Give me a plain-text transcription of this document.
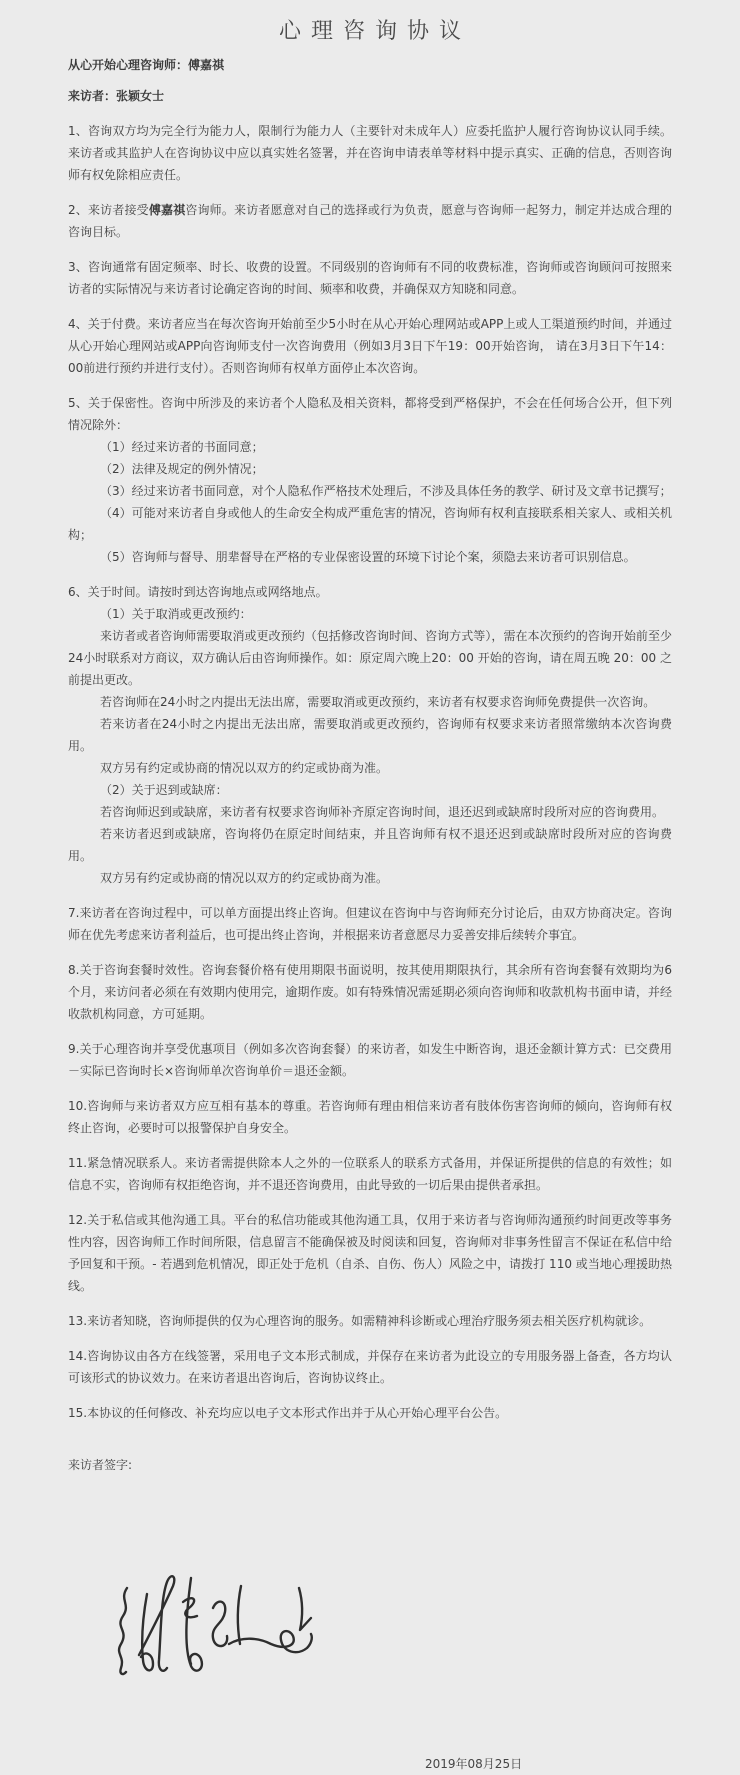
心理咨询协议

从心开始心理咨询师：傅嘉祺

来访者：张颖女士

1、咨询双方均为完全行为能力人，限制行为能力人（主要针对未成年人）应委托监护人履行咨询协议认同手续。来访者或其监护人在咨询协议中应以真实姓名签署，并在咨询申请表单等材料中提示真实、正确的信息，否则咨询师有权免除相应责任。

2、来访者接受傅嘉祺咨询师。来访者愿意对自己的选择或行为负责，愿意与咨询师一起努力，制定并达成合理的咨询目标。

3、咨询通常有固定频率、时长、收费的设置。不同级别的咨询师有不同的收费标准，咨询师或咨询顾问可按照来访者的实际情况与来访者讨论确定咨询的时间、频率和收费，并确保双方知晓和同意。

4、关于付费。来访者应当在每次咨询开始前至少5小时在从心开始心理网站或APP上或人工渠道预约时间，并通过从心开始心理网站或APP向咨询师支付一次咨询费用（例如3月3日下午19：00开始咨询， 请在3月3日下午14：00前进行预约并进行支付）。否则咨询师有权单方面停止本次咨询。

5、关于保密性。咨询中所涉及的来访者个人隐私及相关资料，都将受到严格保护，不会在任何场合公开，但下列情况除外：

（1）经过来访者的书面同意；

（2）法律及规定的例外情况；

（3）经过来访者书面同意，对个人隐私作严格技术处理后，不涉及具体任务的教学、研讨及文章书记撰写；

（4）可能对来访者自身或他人的生命安全构成严重危害的情况，咨询师有权利直接联系相关家人、或相关机构；

（5）咨询师与督导、朋辈督导在严格的专业保密设置的环境下讨论个案，须隐去来访者可识别信息。

6、关于时间。请按时到达咨询地点或网络地点。

（1）关于取消或更改预约：

来访者或者咨询师需要取消或更改预约（包括修改咨询时间、咨询方式等），需在本次预约的咨询开始前至少24小时联系对方商议，双方确认后由咨询师操作。如：原定周六晚上20：00 开始的咨询，请在周五晚 20：00 之前提出更改。

若咨询师在24小时之内提出无法出席，需要取消或更改预约，来访者有权要求咨询师免费提供一次咨询。

若来访者在24小时之内提出无法出席，需要取消或更改预约，咨询师有权要求来访者照常缴纳本次咨询费用。

双方另有约定或协商的情况以双方的约定或协商为准。

（2）关于迟到或缺席：

若咨询师迟到或缺席，来访者有权要求咨询师补齐原定咨询时间，退还迟到或缺席时段所对应的咨询费用。

若来访者迟到或缺席，咨询将仍在原定时间结束，并且咨询师有权不退还迟到或缺席时段所对应的咨询费用。

双方另有约定或协商的情况以双方的约定或协商为准。

7.来访者在咨询过程中，可以单方面提出终止咨询。但建议在咨询中与咨询师充分讨论后，由双方协商决定。咨询师在优先考虑来访者利益后，也可提出终止咨询，并根据来访者意愿尽力妥善安排后续转介事宜。

8.关于咨询套餐时效性。咨询套餐价格有使用期限书面说明，按其使用期限执行，其余所有咨询套餐有效期均为6个月，来访问者必须在有效期内使用完，逾期作废。如有特殊情况需延期必须向咨询师和收款机构书面申请，并经收款机构同意，方可延期。

9.关于心理咨询并享受优惠项目（例如多次咨询套餐）的来访者，如发生中断咨询，退还金额计算方式：已交费用－实际已咨询时长×咨询师单次咨询单价＝退还金额。

10.咨询师与来访者双方应互相有基本的尊重。若咨询师有理由相信来访者有肢体伤害咨询师的倾向，咨询师有权终止咨询，必要时可以报警保护自身安全。

11.紧急情况联系人。来访者需提供除本人之外的一位联系人的联系方式备用，并保证所提供的信息的有效性；如信息不实，咨询师有权拒绝咨询，并不退还咨询费用，由此导致的一切后果由提供者承担。

12.关于私信或其他沟通工具。平台的私信功能或其他沟通工具，仅用于来访者与咨询师沟通预约时间更改等事务性内容，因咨询师工作时间所限，信息留言不能确保被及时阅读和回复，咨询师对非事务性留言不保证在私信中给予回复和干预。- 若遇到危机情况，即正处于危机（自杀、自伤、伤人）风险之中，请拨打 110 或当地心理援助热线。

13.来访者知晓，咨询师提供的仅为心理咨询的服务。如需精神科诊断或心理治疗服务须去相关医疗机构就诊。

14.咨询协议由各方在线签署，采用电子文本形式制成，并保存在来访者为此设立的专用服务器上备查，各方均认可该形式的协议效力。在来访者退出咨询后，咨询协议终止。

15.本协议的任何修改、补充均应以电子文本形式作出并于从心开始心理平台公告。

来访者签字:

2019年08月25日
